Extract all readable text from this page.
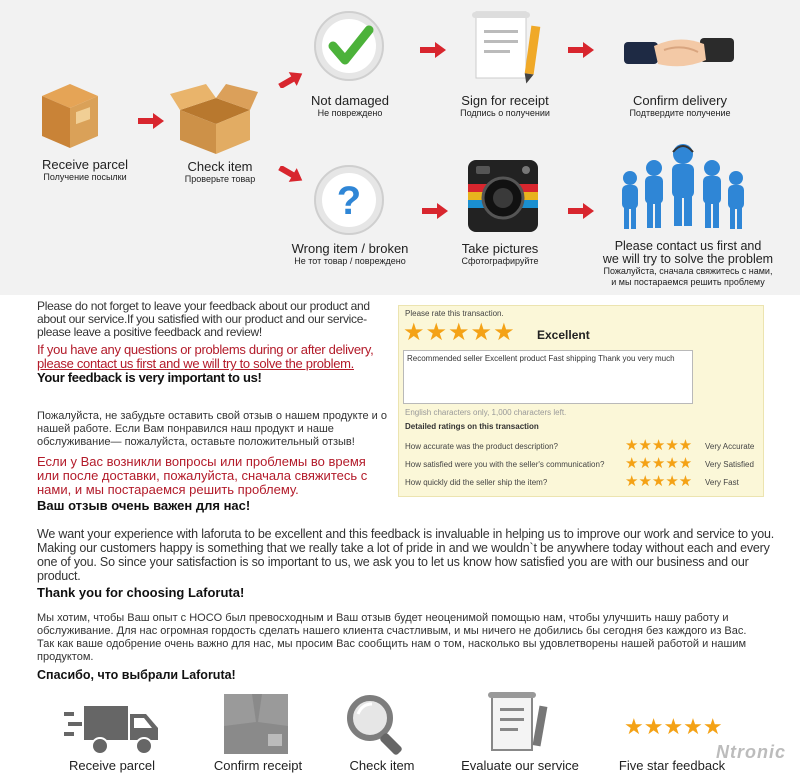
Receive parcel
Получение посылки
Check item
Проверьте товар
Not damaged
Не повреждено
Sign for receipt
Подпись о получении
Confirm delivery
Подтвердите получение
?
Wrong item / broken
Не тот товар / повреждено
Take pictures
Сфотографируйте
Please contact us first and
we will try to solve the problem
Пожалуйста, сначала свяжитесь с нами,
и мы постараемся решить проблему
Please do not forget to leave your feedback about our product and about our service.If you satisfied with our product and our service- please leave a positive feedback and review!
If you have any questions or problems during or after delivery,
please contact us first and we will try to solve the problem.
Your feedback is very important to us!
Пожалуйста, не забудьте оставить свой отзыв о нашем продукте и о нашей работе. Если Вам понравился наш продукт и наше обслуживание— пожалуйста, оставьте положительный отзыв!
Если у Вас возникли вопросы или проблемы во время или после доставки, пожалуйста, сначала свяжитесь с нами, и мы постараемся решить проблему.
Ваш отзыв очень важен для нас!
Please rate this transaction.
★★★★★ Excellent
Recommended seller Excellent product Fast shipping Thank you very much
English characters only, 1,000 characters left.
Detailed ratings on this transaction
How accurate was the product description?	★★★★★ Very Accurate
How satisfied were you with the seller's communication? ★★★★★ Very Satisfied
How quickly did the seller ship the item?	★★★★★ Very Fast
We want your experience with laforuta to be excellent and this feedback is invaluable in helping us to improve our work and service to you. Making our customers happy is something that we really take a lot of pride in and we wouldn`t be anywhere today without each and every one of you. So since your satisfaction is so important to us, we ask you to let us know how satisfied you are with our business and our product.
Thank you for choosing Laforuta!
Мы хотим, чтобы Ваш опыт с HOCO был превосходным и Ваш отзыв будет неоценимой помощью нам, чтобы улучшить нашу работу и обслуживание. Для нас огромная гордость сделать нашего клиента счастливым, и мы ничего не добились бы сегодня без каждого из Вас. Так как ваше одобрение очень важно для нас, мы просим Вас сообщить нам о том, насколько вы удовлетворены нашей работой и нашим продуктом.
Спасибо, что выбрали Laforuta!
Receive parcel	Confirm receipt	Check item	Evaluate our service
★★★★★
Five star feedback
Ntronic
